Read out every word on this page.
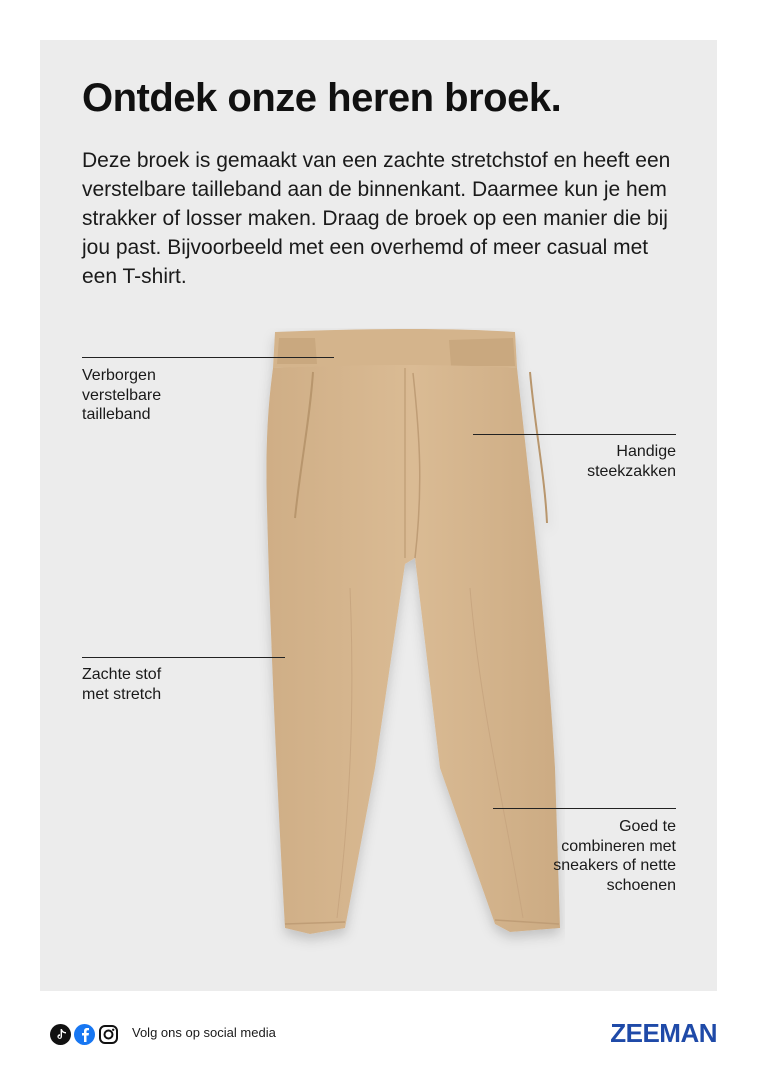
Ontdek onze heren broek.

Deze broek is gemaakt van een zachte stretchstof en heeft een verstelbare tailleband aan de binnenkant. Daarmee kun je hem strakker of losser maken. Draag de broek op een manier die bij jou past. Bijvoorbeeld met een overhemd of meer casual met een T-shirt.

Verborgen
verstelbare
tailleband
Handige
steekzakken
Zachte stof
met stretch
Goed te
combineren met
sneakers of nette
schoenen
Volg ons op social media	ZEEMAN
